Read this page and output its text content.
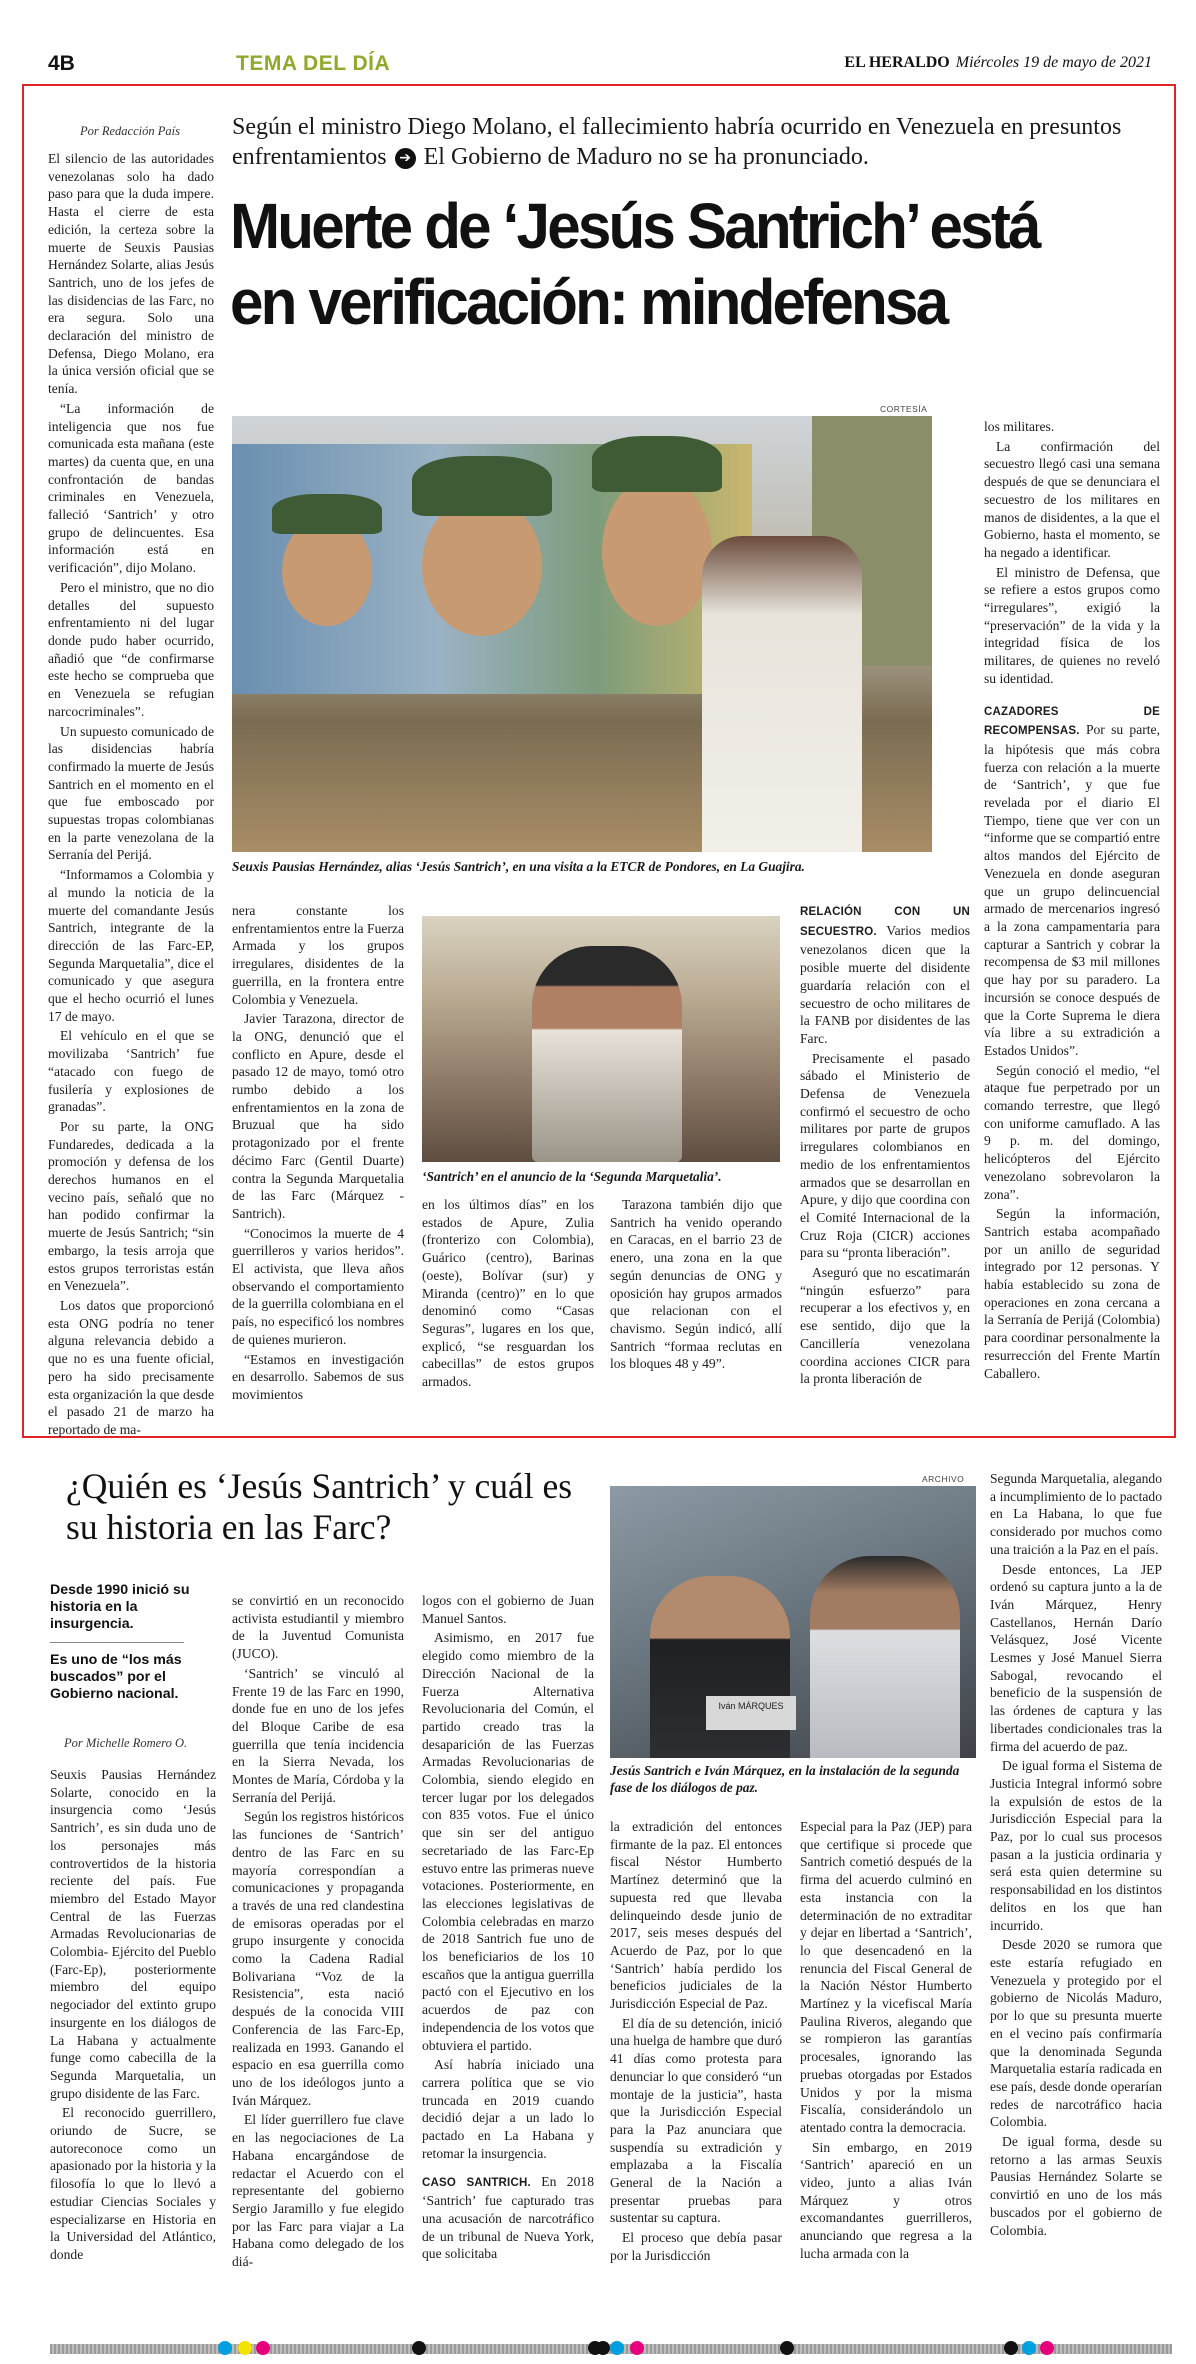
4B	TEMA DEL DÍA	EL HERALDO Miércoles 19 de mayo de 2021
Por Redacción País Según el ministro Diego Molano, el fallecimiento habría ocurrido en Venezuela en presuntos enfrentamientos ➔ El Gobierno de Maduro no se ha pronunciado.
Muerte de ‘Jesús Santrich’ está
en verificación: mindefensa

El silencio de las autoridades venezolanas solo ha dado paso para que la duda impere. Hasta el cierre de esta edición, la certeza sobre la muerte de Seuxis Pausias Hernández Solarte, alias Jesús Santrich, uno de los jefes de las disidencias de las Farc, no era segura. Solo una declaración del ministro de Defensa, Diego Molano, era la única versión oficial que se tenía.

“La información de inteligencia que nos fue comunicada esta mañana (este martes) da cuenta que, en una confrontación de bandas criminales en Venezuela, falleció ‘Santrich’ y otro grupo de delincuentes. Esa información está en verificación”, dijo Molano.

Pero el ministro, que no dio detalles del supuesto enfrentamiento ni del lugar donde pudo haber ocurrido, añadió que “de confirmarse este hecho se comprueba que en Venezuela se refugian narcocriminales”.

Un supuesto comunicado de las disidencias habría confirmado la muerte de Jesús Santrich en el momento en el que fue emboscado por supuestas tropas colombianas en la parte venezolana de la Serranía del Perijá.

“Informamos a Colombia y al mundo la noticia de la muerte del comandante Jesús Santrich, integrante de la dirección de las Farc-EP, Segunda Marquetalia”, dice el comunicado y que asegura que el hecho ocurrió el lunes 17 de mayo.

El vehículo en el que se movilizaba ‘Santrich’ fue “atacado con fuego de fusilería y explosiones de granadas”.

Por su parte, la ONG Fundaredes, dedicada a la promoción y defensa de los derechos humanos en el vecino país, señaló que no han podido confirmar la muerte de Jesús Santrich; “sin embargo, la tesis arroja que estos grupos terroristas están en Venezuela”.

Los datos que proporcionó esta ONG podría no tener alguna relevancia debido a que no es una fuente oficial, pero ha sido precisamente esta organización la que desde el pasado 21 de marzo ha reportado de ma-

CORTESÍA
Seuxis Pausias Hernández, alias ‘Jesús Santrich’, en una visita a la ETCR de Pondores, en La Guajira.

nera constante los enfrentamientos entre la Fuerza Armada y los grupos irregulares, disidentes de la guerrilla, en la frontera entre Colombia y Venezuela.

Javier Tarazona, director de la ONG, denunció que el conflicto en Apure, desde el pasado 12 de mayo, tomó otro rumbo debido a los enfrentamientos en la zona de Bruzual que ha sido protagonizado por el frente décimo Farc (Gentil Duarte) contra la Segunda Marquetalia de las Farc (Márquez - Santrich).

“Conocimos la muerte de 4 guerrilleros y varios heridos”. El activista, que lleva años observando el comportamiento de la guerrilla colombiana en el país, no especificó los nombres de quienes murieron.

“Estamos en investigación en desarrollo. Sabemos de sus movimientos

‘Santrich’ en el anuncio de la ‘Segunda Marquetalia’.

en los últimos días” en los estados de Apure, Zulia (fronterizo con Colombia), Guárico (centro), Barinas (oeste), Bolívar (sur) y Miranda (centro)” en lo que denominó como “Casas Seguras”, lugares en los que, explicó, “se resguardan los cabecillas” de estos grupos armados.

Tarazona también dijo que Santrich ha venido operando en Caracas, en el barrio 23 de enero, una zona en la que según denuncias de ONG y oposición hay grupos armados que relacionan con el chavismo. Según indicó, allí Santrich “formaa reclutas en los bloques 48 y 49”.

RELACIÓN CON UN SECUESTRO. Varios medios venezolanos dicen que la posible muerte del disidente guardaría relación con el secuestro de ocho militares de la FANB por disidentes de las Farc.

Precisamente el pasado sábado el Ministerio de Defensa de Venezuela confirmó el secuestro de ocho militares por parte de grupos irregulares colombianos en medio de los enfrentamientos armados que se desarrollan en Apure, y dijo que coordina con el Comité Internacional de la Cruz Roja (CICR) acciones para su “pronta liberación”.

Aseguró que no escatimarán “ningún esfuerzo” para recuperar a los efectivos y, en ese sentido, dijo que la Cancillería venezolana coordina acciones CICR para la pronta liberación de

los militares.

La confirmación del secuestro llegó casi una semana después de que se denunciara el secuestro de los militares en manos de disidentes, a la que el Gobierno, hasta el momento, se ha negado a identificar.

El ministro de Defensa, que se refiere a estos grupos como “irregulares”, exigió la “preservación” de la vida y la integridad física de los militares, de quienes no reveló su identidad.

CAZADORES DE RECOMPENSAS. Por su parte, la hipótesis que más cobra fuerza con relación a la muerte de ‘Santrich’, y que fue revelada por el diario El Tiempo, tiene que ver con un “informe que se compartió entre altos mandos del Ejército de Venezuela en donde aseguran que un grupo delincuencial armado de mercenarios ingresó a la zona campamentaria para capturar a Santrich y cobrar la recompensa de $3 mil millones que hay por su paradero. La incursión se conoce después de que la Corte Suprema le diera vía libre a su extradición a Estados Unidos”.

Según conoció el medio, “el ataque fue perpetrado por un comando terrestre, que llegó con uniforme camuflado. A las 9 p. m. del domingo, helicópteros del Ejército venezolano sobrevolaron la zona”.

Según la información, Santrich estaba acompañado por un anillo de seguridad integrado por 12 personas. Y había establecido su zona de operaciones en zona cercana a la Serranía de Perijá (Colombia) para coordinar personalmente la resurrección del Frente Martín Caballero.

¿Quién es ‘Jesús Santrich’ y cuál es su historia en las Farc?
Desde 1990 inició su historia en la insurgencia.
Es uno de “los más buscados” por el Gobierno nacional.
Por Michelle Romero O.

Seuxis Pausias Hernández Solarte, conocido en la insurgencia como ‘Jesús Santrich’, es sin duda uno de los personajes más controvertidos de la historia reciente del país. Fue miembro del Estado Mayor Central de las Fuerzas Armadas Revolucionarias de Colombia- Ejército del Pueblo (Farc-Ep), posteriormente miembro del equipo negociador del extinto grupo insurgente en los diálogos de La Habana y actualmente funge como cabecilla de la Segunda Marquetalia, un grupo disidente de las Farc.

El reconocido guerrillero, oriundo de Sucre, se autoreconoce como un apasionado por la historia y la filosofía lo que lo llevó a estudiar Ciencias Sociales y especializarse en Historia en la Universidad del Atlántico, donde

se convirtió en un reconocido activista estudiantil y miembro de la Juventud Comunista (JUCO).

‘Santrich’ se vinculó al Frente 19 de las Farc en 1990, donde fue en uno de los jefes del Bloque Caribe de esa guerrilla que tenía incidencia en la Sierra Nevada, los Montes de María, Córdoba y la Serranía del Perijá.

Según los registros históricos las funciones de ‘Santrich’ dentro de las Farc en su mayoría correspondían a comunicaciones y propaganda a través de una red clandestina de emisoras operadas por el grupo insurgente y conocida como la Cadena Radial Bolivariana “Voz de la Resistencia”, esta nació después de la conocida VIII Conferencia de las Farc-Ep, realizada en 1993. Ganando el espacio en esa guerrilla como uno de los ideólogos junto a Iván Márquez.

El líder guerrillero fue clave en las negociaciones de La Habana encargándose de redactar el Acuerdo con el representante del gobierno Sergio Jaramillo y fue elegido por las Farc para viajar a La Habana como delegado de los diá-

logos con el gobierno de Juan Manuel Santos.

Asimismo, en 2017 fue elegido como miembro de la Dirección Nacional de la Fuerza Alternativa Revolucionaria del Común, el partido creado tras la desaparición de las Fuerzas Armadas Revolucionarias de Colombia, siendo elegido en tercer lugar por los delegados con 835 votos. Fue el único que sin ser del antiguo secretariado de las Farc-Ep estuvo entre las primeras nueve votaciones. Posteriormente, en las elecciones legislativas de Colombia celebradas en marzo de 2018 Santrich fue uno de los beneficiarios de los 10 escaños que la antigua guerrilla pactó con el Ejecutivo en los acuerdos de paz con independencia de los votos que obtuviera el partido.

Así habría iniciado una carrera política que se vio truncada en 2019 cuando decidió dejar a un lado lo pactado en La Habana y retomar la insurgencia.

CASO SANTRICH. En 2018 ‘Santrich’ fue capturado tras una acusación de narcotráfico de un tribunal de Nueva York, que solicitaba

ARCHIVO
Iván MÁRQUES
Jesús Santrich e Iván Márquez, en la instalación de la segunda fase de los diálogos de paz.

la extradición del entonces firmante de la paz. El entonces fiscal Néstor Humberto Martínez determinó que la supuesta red que llevaba delinqueindo desde junio de 2017, seis meses después del Acuerdo de Paz, por lo que ‘Santrich’ había perdido los beneficios judiciales de la Jurisdicción Especial de Paz.

El día de su detención, inició una huelga de hambre que duró 41 días como protesta para denunciar lo que consideró “un montaje de la justicia”, hasta que la Jurisdicción Especial para la Paz anunciara que suspendía su extradición y emplazaba a la Fiscalía General de la Nación a presentar pruebas para sustentar su captura.

El proceso que debía pasar por la Jurisdicción

Especial para la Paz (JEP) para que certifique si procede que Santrich cometió después de la firma del acuerdo culminó en esta instancia con la determinación de no extraditar y dejar en libertad a ‘Santrich’, lo que desencadenó en la renuncia del Fiscal General de la Nación Néstor Humberto Martínez y la vicefiscal María Paulina Riveros, alegando que se rompieron las garantías procesales, ignorando las pruebas otorgadas por Estados Unidos y por la misma Fiscalía, considerándolo un atentado contra la democracia.

Sin embargo, en 2019 ‘Santrich’ apareció en un video, junto a alias Iván Márquez y otros excomandantes guerrilleros, anunciando que regresa a la lucha armada con la

Segunda Marquetalia, alegando a incumplimiento de lo pactado en La Habana, lo que fue considerado por muchos como una traición a la Paz en el país.

Desde entonces, La JEP ordenó su captura junto a la de Iván Márquez, Henry Castellanos, Hernán Darío Velásquez, José Vicente Lesmes y José Manuel Sierra Sabogal, revocando el beneficio de la suspensión de las órdenes de captura y las libertades condicionales tras la firma del acuerdo de paz.

De igual forma el Sistema de Justicia Integral informó sobre la expulsión de estos de la Jurisdicción Especial para la Paz, por lo cual sus procesos pasan a la justicia ordinaria y será esta quien determine su responsabilidad en los distintos delitos en los que han incurrido.

Desde 2020 se rumora que este estaría refugiado en Venezuela y protegido por el gobierno de Nicolás Maduro, por lo que su presunta muerte en el vecino país confirmaría que la denominada Segunda Marquetalia estaría radicada en ese país, desde donde operarían redes de narcotráfico hacia Colombia.

De igual forma, desde su retorno a las armas Seuxis Pausias Hernández Solarte se convirtió en uno de los más buscados por el gobierno de Colombia.
